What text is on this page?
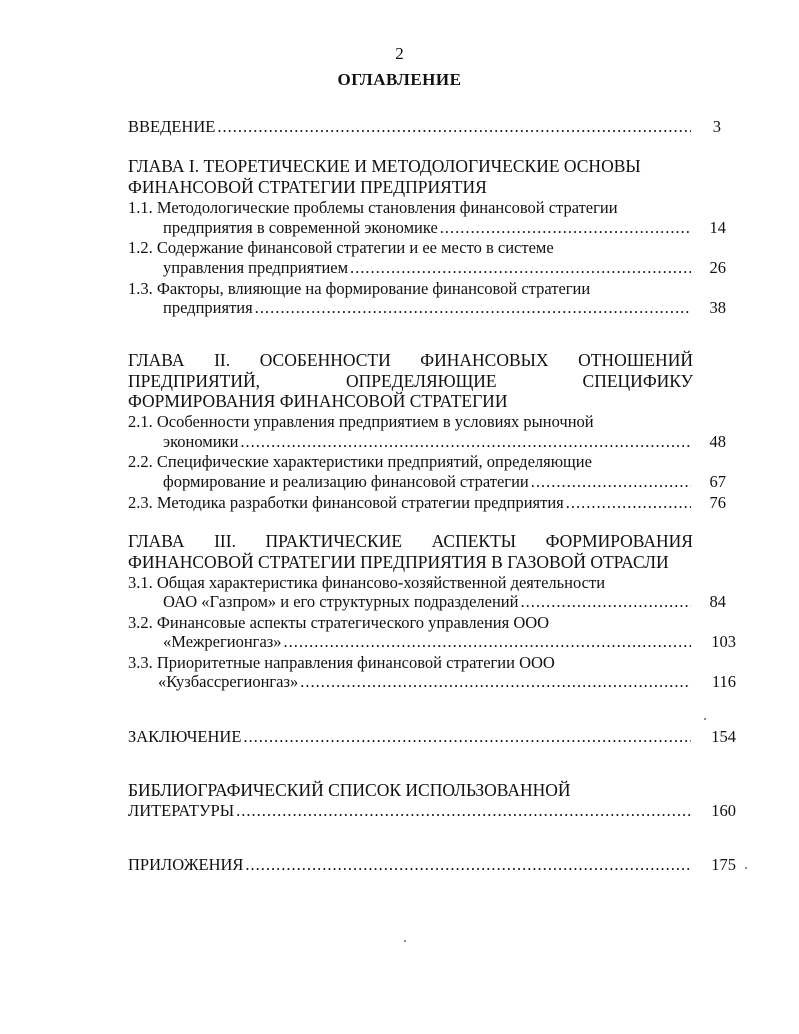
2
ОГЛАВЛЕНИЕ
ВВЕДЕНИЕ .....	3
ГЛАВА I. ТЕОРЕТИЧЕСКИЕ И МЕТОДОЛОГИЧЕСКИЕ ОСНОВЫ
ФИНАНСОВОЙ СТРАТЕГИИ ПРЕДПРИЯТИЯ
1.1. Методологические проблемы становления финансовой стратегии
предприятия в современной экономике .....	14
1.2. Содержание финансовой стратегии и ее место в системе
управления предприятием .....	26
1.3. Факторы, влияющие на формирование финансовой стратегии
предприятия .....	38
ГЛАВА II. ОСОБЕННОСТИ ФИНАНСОВЫХ ОТНОШЕНИЙ
ПРЕДПРИЯТИЙ,	ОПРЕДЕЛЯЮЩИЕ	СПЕЦИФИКУ
ФОРМИРОВАНИЯ ФИНАНСОВОЙ СТРАТЕГИИ
2.1. Особенности управления предприятием в условиях рыночной
экономики .....	48
2.2. Специфические характеристики предприятий, определяющие
формирование и реализацию финансовой стратегии .....	67
2.3. Методика разработки финансовой стратегии предприятия .....	76
ГЛАВА III. ПРАКТИЧЕСКИЕ АСПЕКТЫ ФОРМИРОВАНИЯ
ФИНАНСОВОЙ СТРАТЕГИИ ПРЕДПРИЯТИЯ В ГАЗОВОЙ ОТРАСЛИ
3.1. Общая характеристика финансово-хозяйственной деятельности
ОАО «Газпром» и его структурных подразделений .....	84
3.2. Финансовые аспекты стратегического управления ООО
«Межрегионгаз» .....	103
3.3. Приоритетные направления финансовой стратегии ООО
«Кузбассрегионгаз» .....	116
ЗАКЛЮЧЕНИЕ .....	154
БИБЛИОГРАФИЧЕСКИЙ СПИСОК ИСПОЛЬЗОВАННОЙ
ЛИТЕРАТУРЫ .....	160
ПРИЛОЖЕНИЯ .....	175
